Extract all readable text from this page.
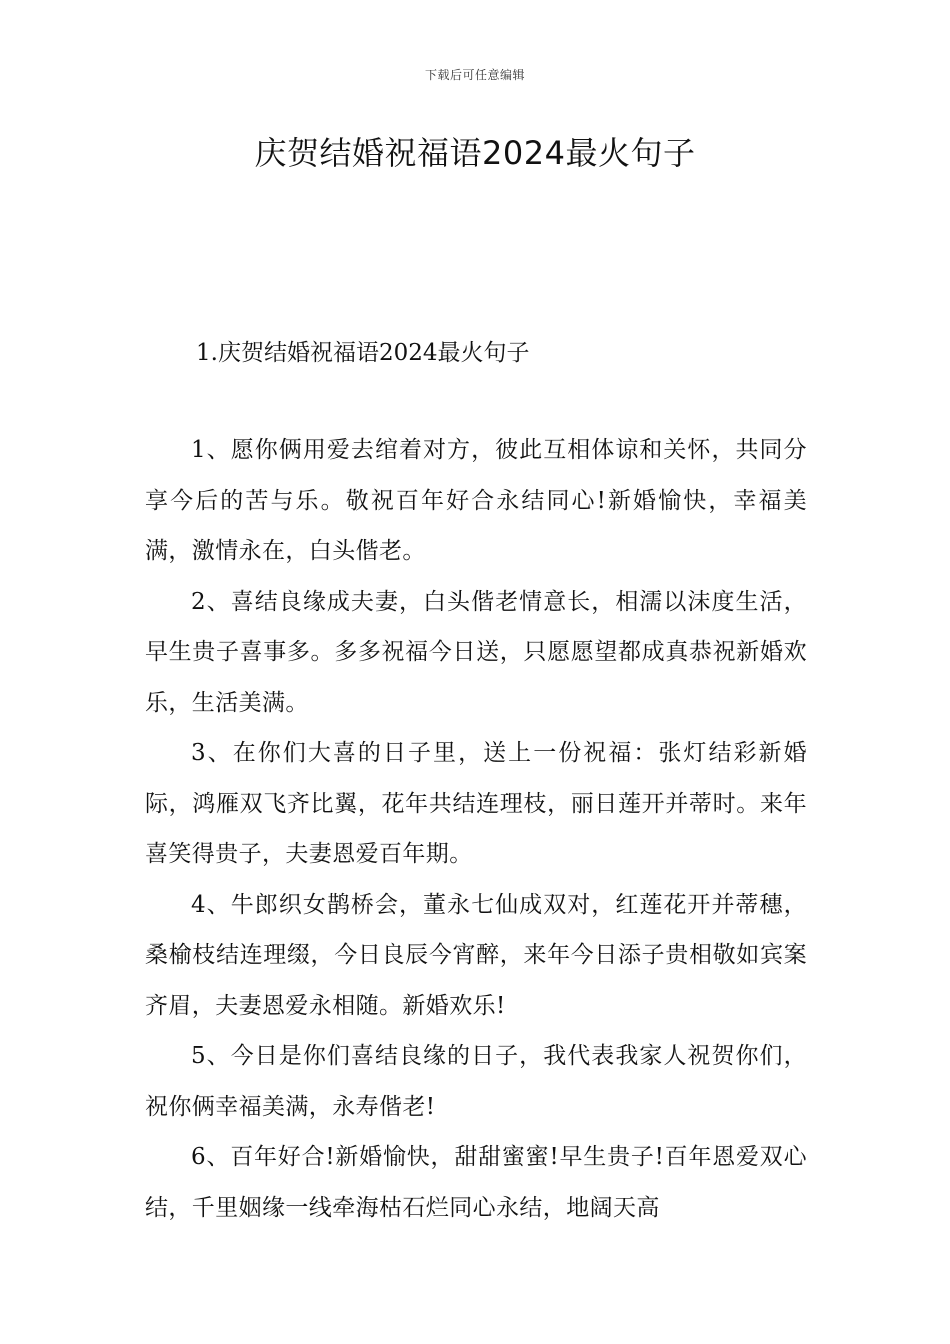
下载后可任意编辑
庆贺结婚祝福语2024最火句子
1.庆贺结婚祝福语2024最火句子

1、愿你俩用爱去绾着对方，彼此互相体谅和关怀，共同分享今后的苦与乐。敬祝百年好合永结同心!新婚愉快，幸福美满，激情永在，白头偕老。

2、喜结良缘成夫妻，白头偕老情意长，相濡以沫度生活，早生贵子喜事多。多多祝福今日送，只愿愿望都成真恭祝新婚欢乐，生活美满。

3、在你们大喜的日子里，送上一份祝福：张灯结彩新婚际，鸿雁双飞齐比翼，花年共结连理枝，丽日莲开并蒂时。来年喜笑得贵子，夫妻恩爱百年期。

4、牛郎织女鹊桥会，董永七仙成双对，红莲花开并蒂穗，桑榆枝结连理缀，今日良辰今宵醉，来年今日添子贵相敬如宾案齐眉，夫妻恩爱永相随。新婚欢乐!

5、今日是你们喜结良缘的日子，我代表我家人祝贺你们，祝你俩幸福美满，永寿偕老!

6、百年好合!新婚愉快，甜甜蜜蜜!早生贵子!百年恩爱双心结，千里姻缘一线牵海枯石烂同心永结，地阔天高
